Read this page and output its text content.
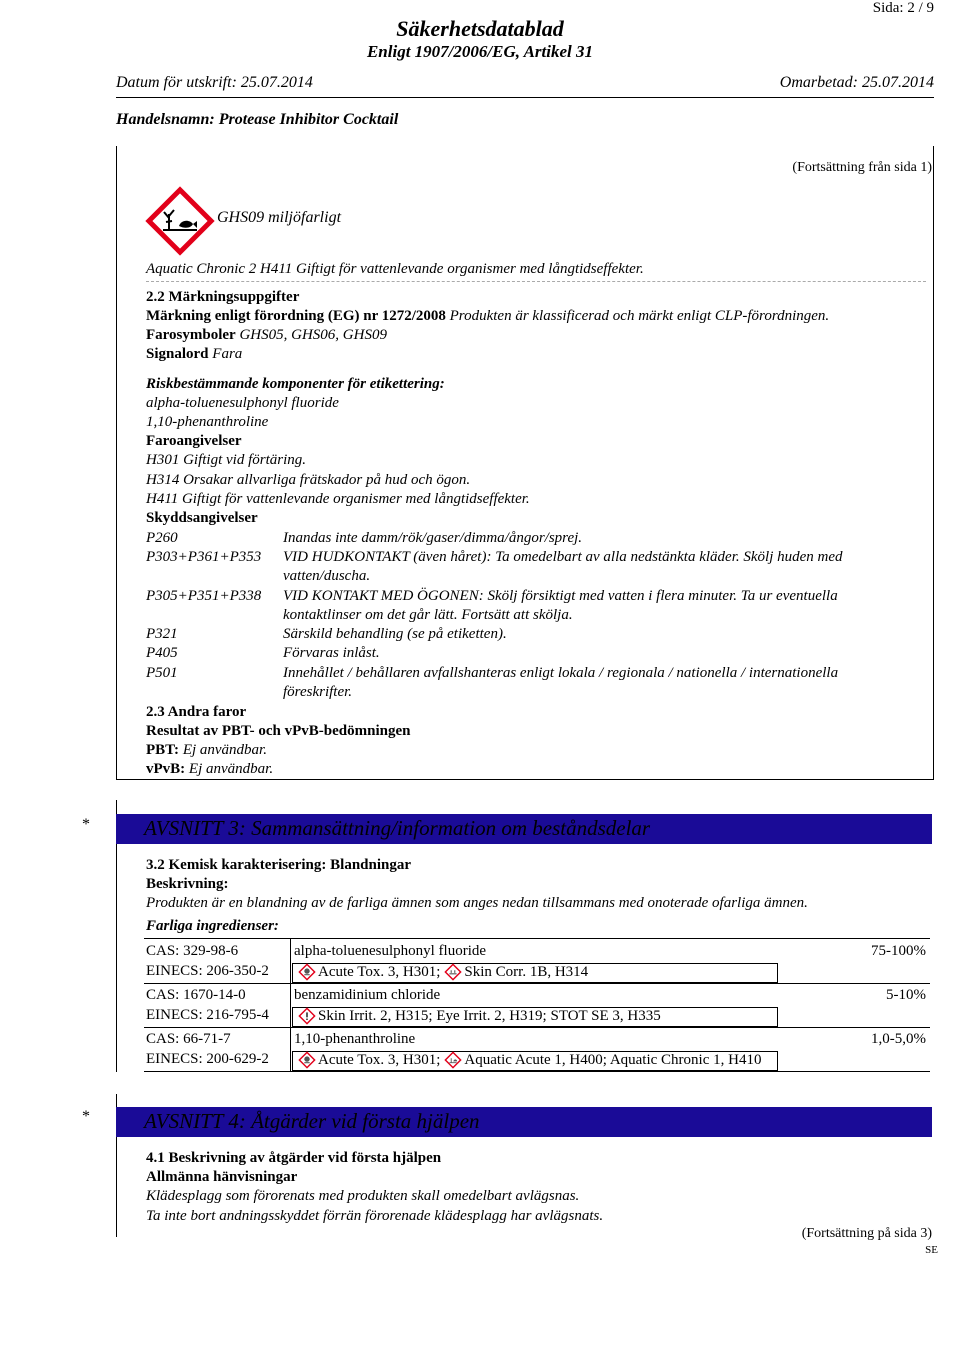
Sida: 2 / 9
Säkerhetsdatablad
Enligt 1907/2006/EG, Artikel 31
Datum för utskrift: 25.07.2014	Omarbetad: 25.07.2014
Handelsnamn: Protease Inhibitor Cocktail
(Fortsättning från sida 1)
GHS09 miljöfarligt
Aquatic Chronic 2 H411 Giftigt för vattenlevande organismer med långtidseffekter.
2.2 Märkningsuppgifter
Märkning enligt förordning (EG) nr 1272/2008 Produkten är klassificerad och märkt enligt CLP-förordningen.
Farosymboler GHS05, GHS06, GHS09
Signalord Fara
Riskbestämmande komponenter för etikettering:
alpha-toluenesulphonyl fluoride
1,10-phenanthroline
Faroangivelser
H301 Giftigt vid förtäring.
H314 Orsakar allvarliga frätskador på hud och ögon.
H411 Giftigt för vattenlevande organismer med långtidseffekter.
Skyddsangivelser
P260	Inandas inte damm/rök/gaser/dimma/ångor/sprej.
P303+P361+P353 VID HUDKONTAKT (även håret): Ta omedelbart av alla nedstänkta kläder. Skölj huden med
vatten/duscha.
P305+P351+P338 VID KONTAKT MED ÖGONEN: Skölj försiktigt med vatten i flera minuter. Ta ur eventuella
kontaktlinser om det går lätt. Fortsätt att skölja.
P321	Särskild behandling (se på etiketten).
P405	Förvaras inlåst.
P501	Innehållet / behållaren avfallshanteras enligt lokala / regionala / nationella / internationella
föreskrifter.
2.3 Andra faror
Resultat av PBT- och vPvB-bedömningen
PBT: Ej användbar.
vPvB: Ej användbar.
*	AVSNITT 3: Sammansättning/information om beståndsdelar
3.2 Kemisk karakterisering: Blandningar
Beskrivning:
Produkten är en blandning av de farliga ämnen som anges nedan tillsammans med onoterade ofarliga ämnen.
Farliga ingredienser:
CAS: 329-98-6
EINECS: 206-350-2
alpha-toluenesulphonyl fluoride	75-100%
Acute Tox. 3, H301; Skin Corr. 1B, H314
CAS: 1670-14-0
EINECS: 216-795-4
benzamidinium chloride	5-10%
Skin Irrit. 2, H315; Eye Irrit. 2, H319; STOT SE 3, H335
CAS: 66-71-7
EINECS: 200-629-2
1,10-phenanthroline	1,0-5,0%
Acute Tox. 3, H301; Aquatic Acute 1, H400; Aquatic Chronic 1, H410
*	AVSNITT 4: Åtgärder vid första hjälpen
4.1 Beskrivning av åtgärder vid första hjälpen
Allmänna hänvisningar
Klädesplagg som förorenats med produkten skall omedelbart avlägsnas.
Ta inte bort andningsskyddet förrän förorenade klädesplagg har avlägsnats.
(Fortsättning på sida 3)
SE
